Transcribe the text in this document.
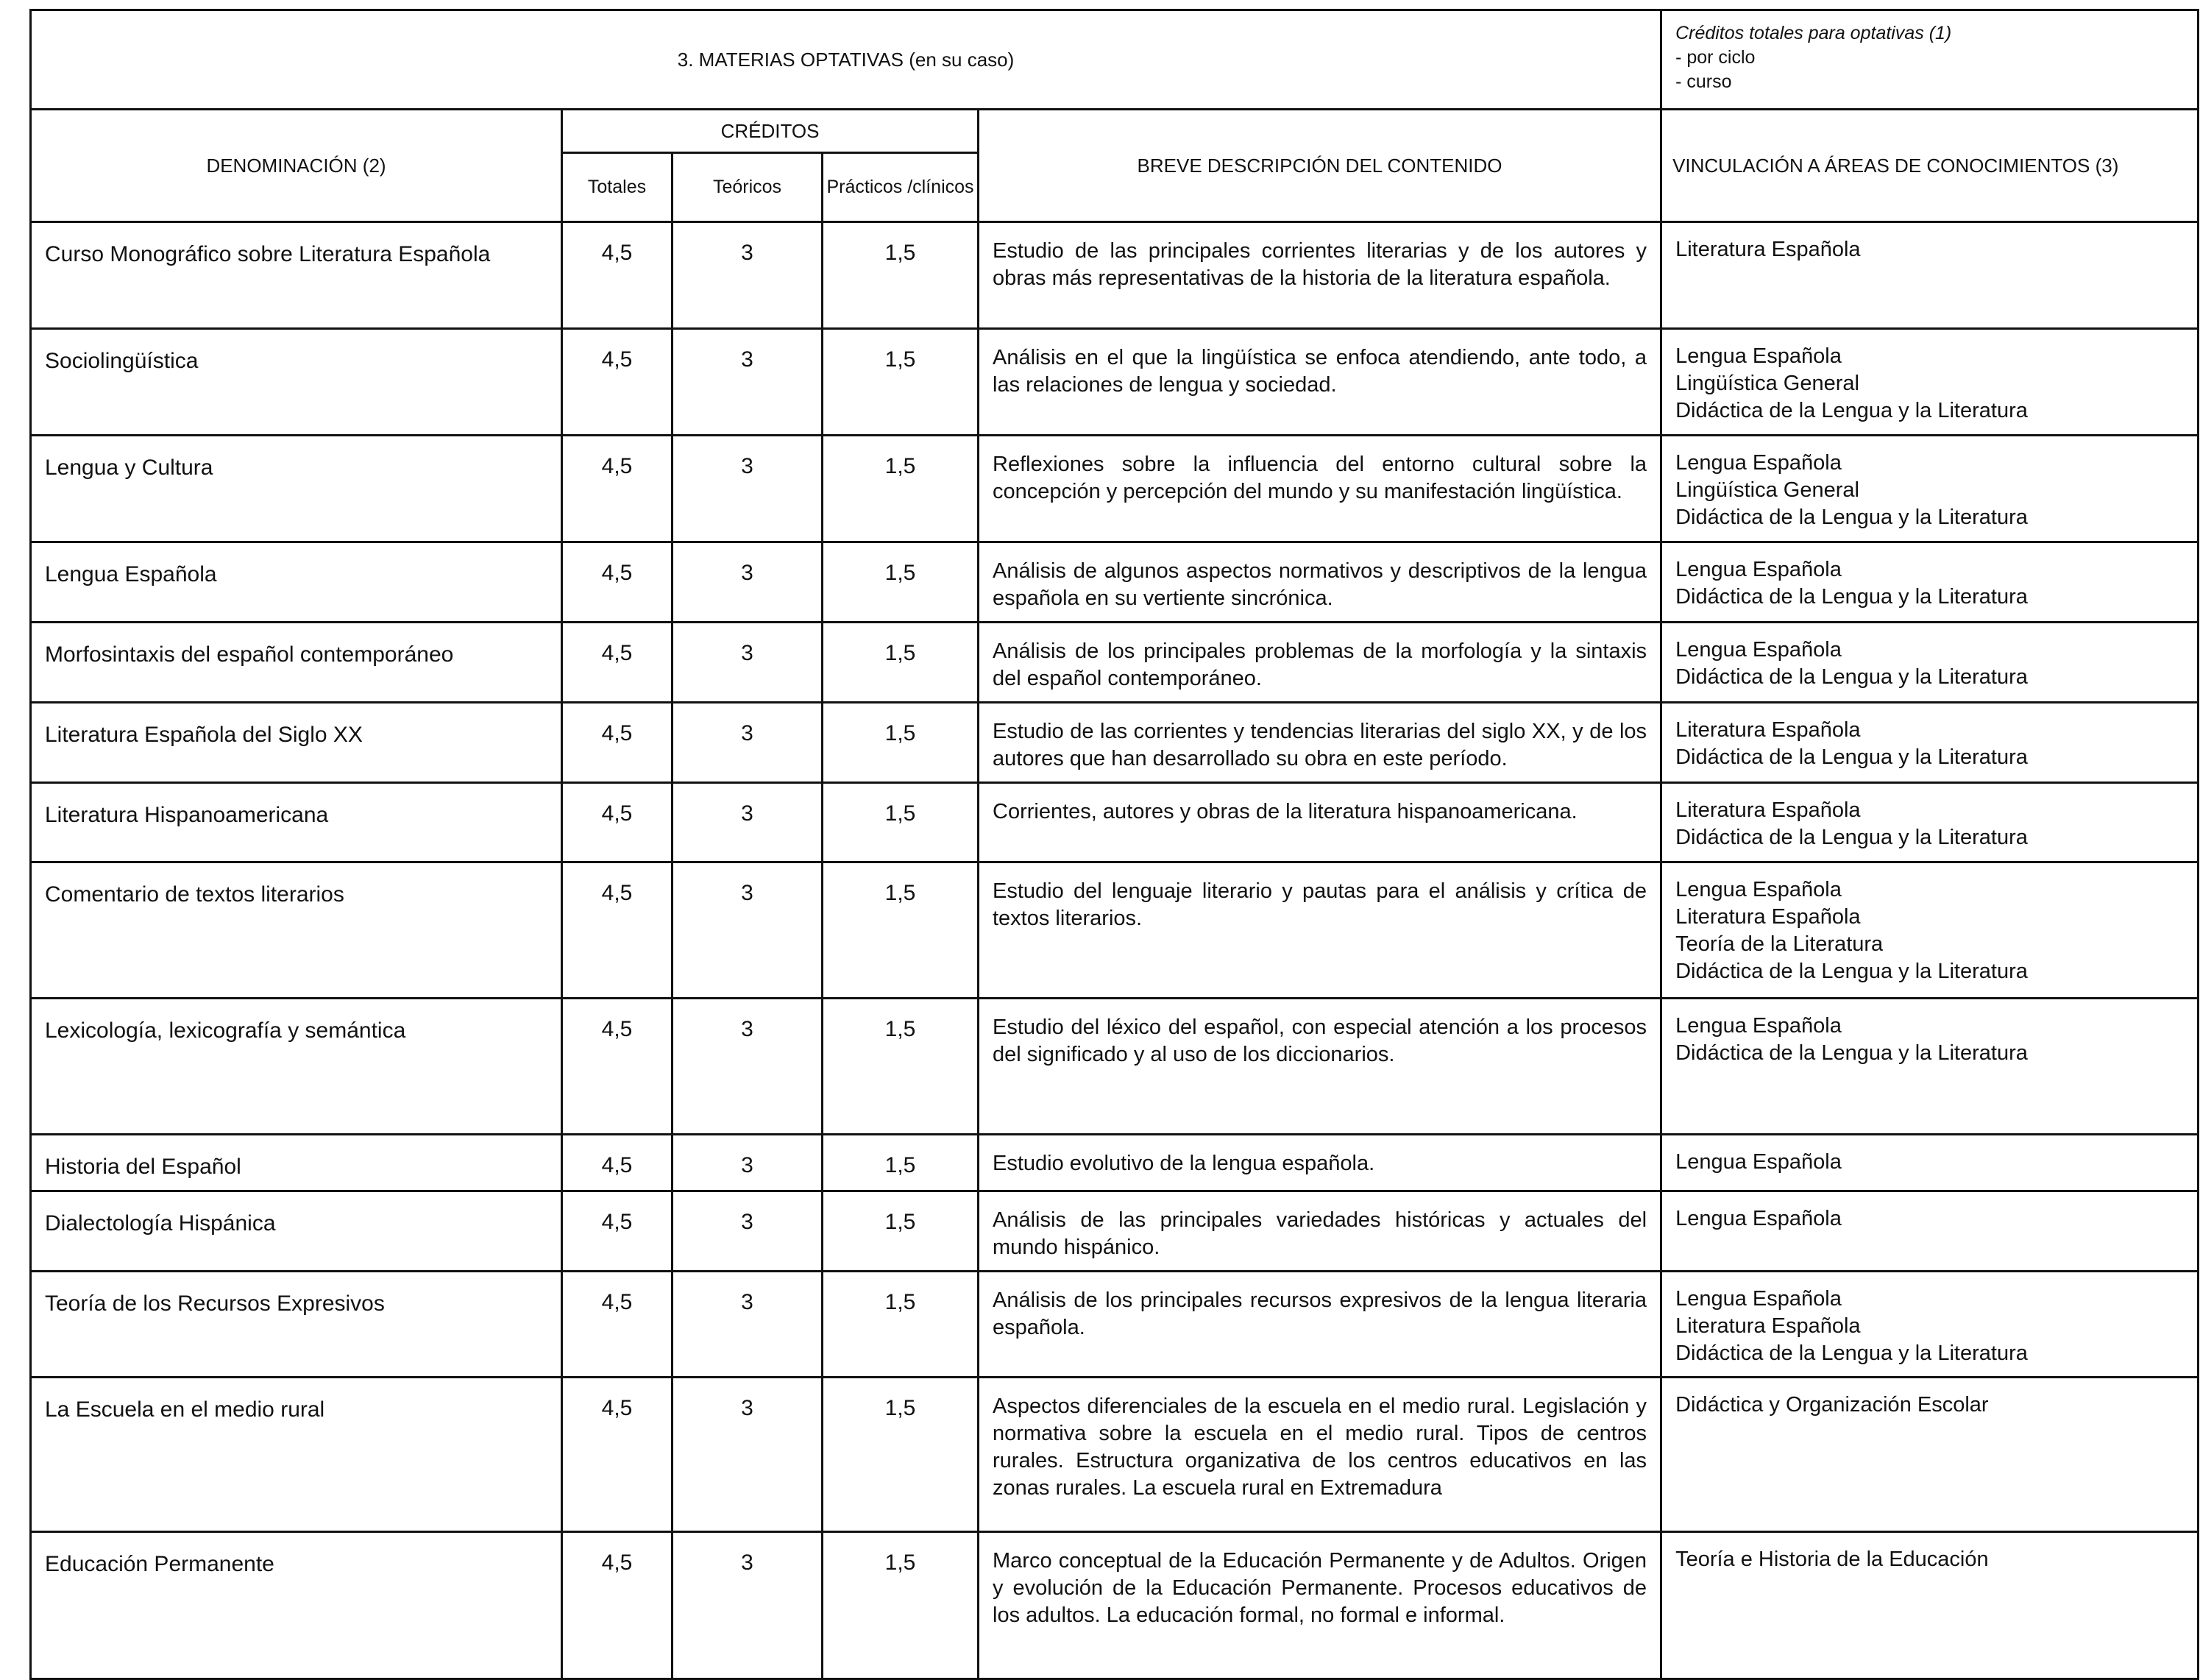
3. MATERIAS OPTATIVAS (en su caso)					Créditos totales para optativas (1)
- por ciclo
- curso

DENOMINACIÓN (2)	CRÉDITOS			BREVE DESCRIPCIÓN DEL CONTENIDO	VINCULACIÓN A ÁREAS DE CONOCIMIENTOS (3)
	Totales	Teóricos	Prácticos /clínicos		
Curso Monográfico sobre Literatura Española	4,5	3	1,5	Estudio de las principales corrientes literarias y de los autores y obras más representativas de la historia de la literatura española.	Literatura Española

Sociolingüística	4,5	3	1,5	Análisis en el que la lingüística se enfoca atendiendo, ante todo, a las relaciones de lengua y sociedad.	Lengua Española
Lingüística General
Didáctica de la Lengua y la Literatura

Lengua y Cultura	4,5	3	1,5	Reflexiones sobre la influencia del entorno cultural sobre la concepción y percepción del mundo y su manifestación lingüística.	Lengua Española
Lingüística General
Didáctica de la Lengua y la Literatura

Lengua Española	4,5	3	1,5	Análisis de algunos aspectos normativos y descriptivos de la lengua española en su vertiente sincrónica.	Lengua Española
Didáctica de la Lengua y la Literatura

Morfosintaxis del español contemporáneo	4,5	3	1,5	Análisis de los principales problemas de la morfología y la sintaxis del español contemporáneo.	Lengua Española
Didáctica de la Lengua y la Literatura

Literatura Española del Siglo XX	4,5	3	1,5	Estudio de las corrientes y tendencias literarias del siglo XX, y de los autores que han desarrollado su obra en este período.	Literatura Española
Didáctica de la Lengua y la Literatura

Literatura Hispanoamericana	4,5	3	1,5	Corrientes, autores y obras de la literatura hispanoamericana.	Literatura Española
Didáctica de la Lengua y la Literatura

Comentario de textos literarios	4,5	3	1,5	Estudio del lenguaje literario y pautas para el análisis y crítica de textos literarios.	Lengua Española
Literatura Española
Teoría de la Literatura
Didáctica de la Lengua y la Literatura

Lexicología, lexicografía y semántica	4,5	3	1,5	Estudio del léxico del español, con especial atención a los procesos del significado y al uso de los diccionarios.	Lengua Española
Didáctica de la Lengua y la Literatura

Historia del Español	4,5	3	1,5	Estudio evolutivo de la lengua española.	Lengua Española

Dialectología Hispánica	4,5	3	1,5	Análisis de las principales variedades históricas y actuales del mundo hispánico.	Lengua Española

Teoría de los Recursos Expresivos	4,5	3	1,5	Análisis de los principales recursos expresivos de la lengua literaria española.	Lengua Española
Literatura Española
Didáctica de la Lengua y la Literatura

La Escuela en el medio rural	4,5	3	1,5	Aspectos diferenciales de la escuela en el medio rural. Legislación y normativa sobre la escuela en el medio rural. Tipos de centros rurales. Estructura organizativa de los centros educativos en las zonas rurales. La escuela rural en Extremadura	Didáctica y Organización Escolar

Educación Permanente	4,5	3	1,5	Marco conceptual de la Educación Permanente y de Adultos. Origen y evolución de la Educación Permanente. Procesos educativos de los adultos. La educación formal, no formal e informal.	Teoría e Historia de la Educación
